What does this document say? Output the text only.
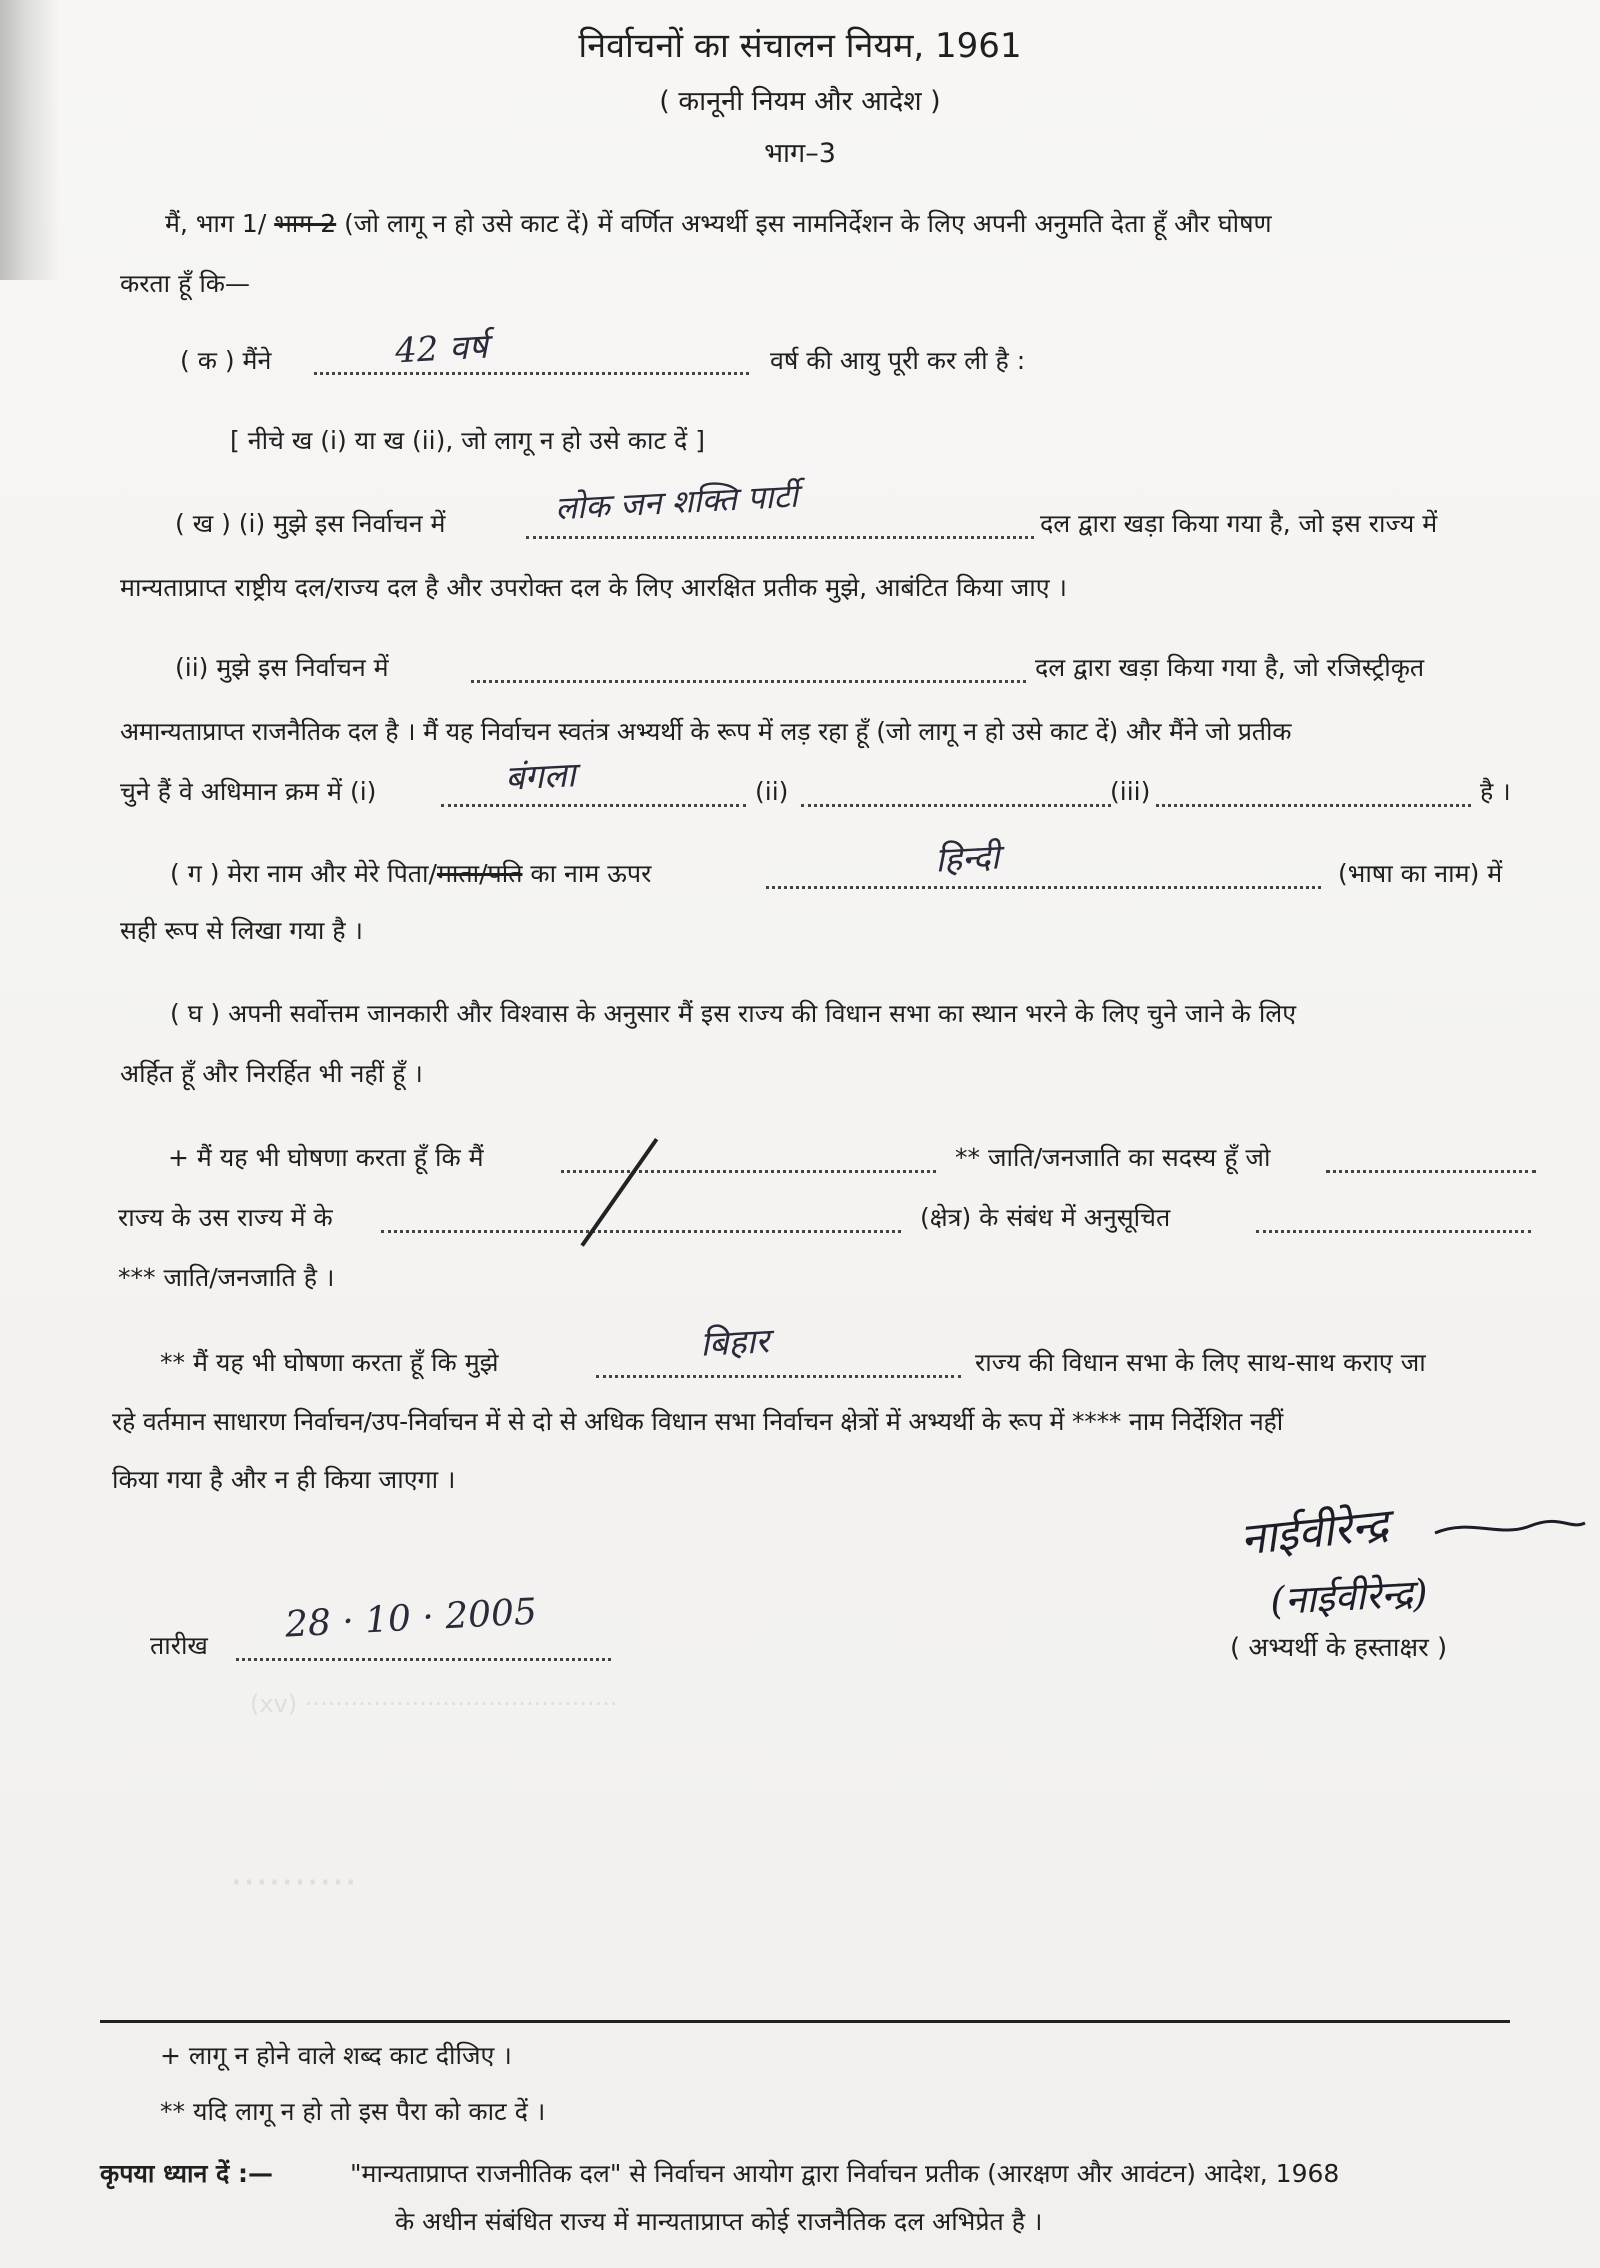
निर्वाचनों का संचालन नियम, 1961
( कानूनी नियम और आदेश )
भाग–3
मैं, भाग 1/ भाग 2 (जो लागू न हो उसे काट दें) में वर्णित अभ्यर्थी इस नामनिर्देशन के लिए अपनी अनुमति देता हूँ और घोषण
करता हूँ कि—
( क ) मैंने	42 वर्ष	वर्ष की आयु पूरी कर ली है :
[ नीचे ख (i) या ख (ii), जो लागू न हो उसे काट दें ]
( ख ) (i) मुझे इस निर्वाचन में	लोक जन शक्ति पार्टी	दल द्वारा खड़ा किया गया है, जो इस राज्य में
मान्यताप्राप्त राष्ट्रीय दल/राज्य दल है और उपरोक्त दल के लिए आरक्षित प्रतीक मुझे, आबंटित किया जाए ।
(ii) मुझे इस निर्वाचन में	दल द्वारा खड़ा किया गया है, जो रजिस्ट्रीकृत
अमान्यताप्राप्त राजनैतिक दल है । मैं यह निर्वाचन स्वतंत्र अभ्यर्थी के रूप में लड़ रहा हूँ (जो लागू न हो उसे काट दें) और मैंने जो प्रतीक
चुने हैं वे अधिमान क्रम में (i)	बंगला	(ii)	(iii)	है ।
( ग ) मेरा नाम और मेरे पिता/माता/पति का नाम ऊपर	हिन्दी	(भाषा का नाम) में
सही रूप से लिखा गया है ।
( घ ) अपनी सर्वोत्तम जानकारी और विश्वास के अनुसार मैं इस राज्य की विधान सभा का स्थान भरने के लिए चुने जाने के लिए
अर्हित हूँ और निरर्हित भी नहीं हूँ ।
+ मैं यह भी घोषणा करता हूँ कि मैं	** जाति/जनजाति का सदस्य हूँ जो
राज्य के उस राज्य में के	(क्षेत्र) के संबंध में अनुसूचित
*** जाति/जनजाति है ।
** मैं यह भी घोषणा करता हूँ कि मुझे	बिहार	राज्य की विधान सभा के लिए साथ-साथ कराए जा
रहे वर्तमान साधारण निर्वाचन/उप-निर्वाचन में से दो से अधिक विधान सभा निर्वाचन क्षेत्रों में अभ्यर्थी के रूप में **** नाम निर्देशित नहीं
किया गया है और न ही किया जाएगा ।
नाईवीरेन्द्र
(नाईवीरेन्द्र)
( अभ्यर्थी के हस्ताक्षर )
तारीख 28 · 10 · 2005
(xv) ·········································
··········
+ लागू न होने वाले शब्द काट दीजिए ।
** यदि लागू न हो तो इस पैरा को काट दें ।
कृपया ध्यान दें :—	"मान्यताप्राप्त राजनीतिक दल" से निर्वाचन आयोग द्वारा निर्वाचन प्रतीक (आरक्षण और आवंटन) आदेश, 1968
के अधीन संबंधित राज्य में मान्यताप्राप्त कोई राजनैतिक दल अभिप्रेत है ।
